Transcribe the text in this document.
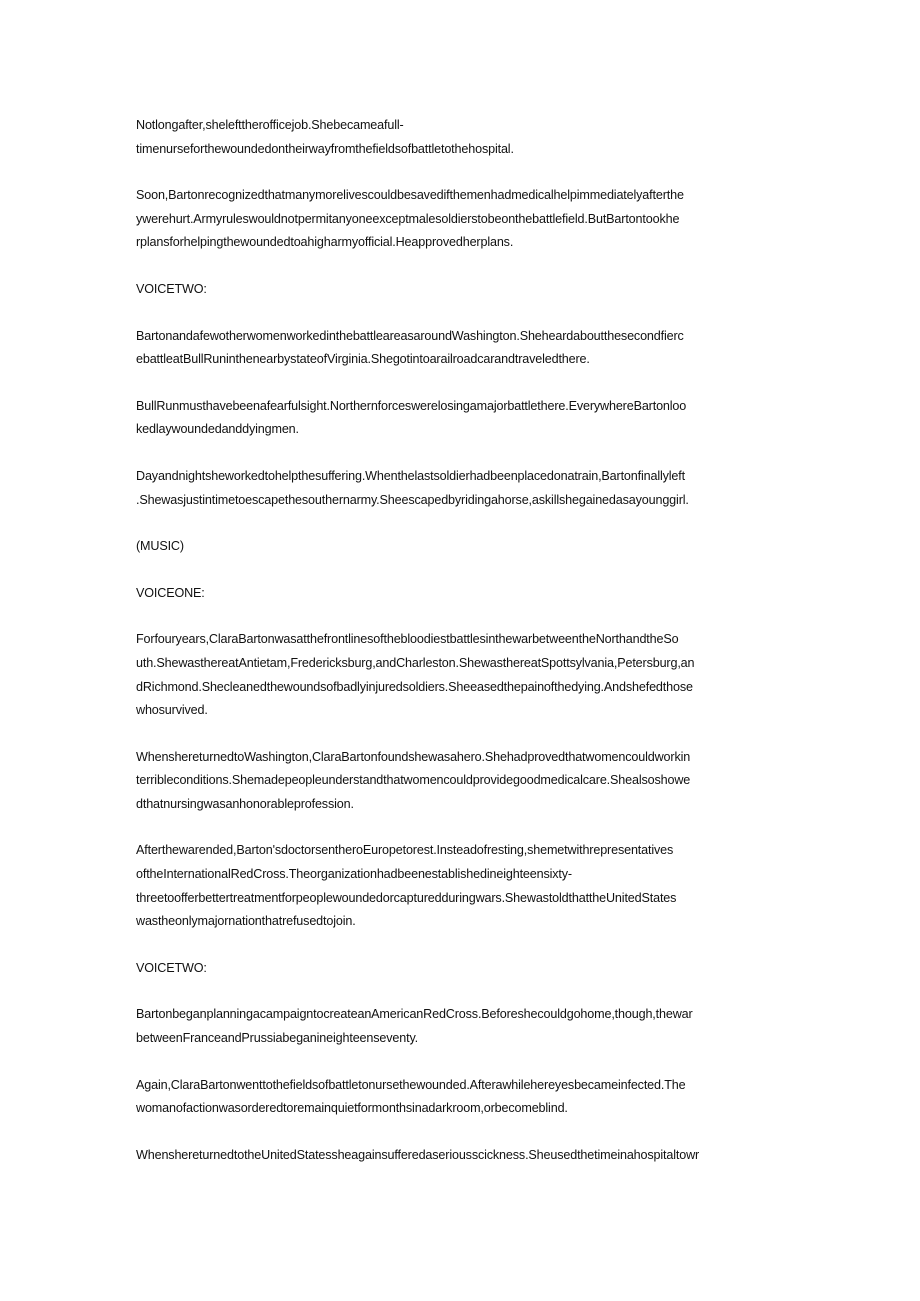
Notlongafter,shelefttherofficejob.Shebecameafull-
timenurseforthewoundedontheirwayfromthefieldsofbattletothehospital.

Soon,Bartonrecognizedthatmanymorelivescouldbesavedifthemenhadmedicalhelpimmediatelyafterthe
ywerehurt.Armyruleswouldnotpermitanyoneexceptmalesoldierstobeonthebattlefield.ButBartontookhe
rplansforhelpingthewoundedtoahigharmyofficial.Heapprovedherplans.

VOICETWO:

BartonandafewotherwomenworkedinthebattleareasaroundWashington.Sheheardaboutthesecondfierc
ebattleatBullRuninthenearbystateofVirginia.Shegotintoarailroadcarandtraveledthere.

BullRunmusthavebeenafearfulsight.Northernforceswerelosingamajorbattlethere.EverywhereBartonloo
kedlaywoundedanddyingmen.

Dayandnightsheworkedtohelpthesuffering.Whenthelastsoldierhadbeenplacedonatrain,Bartonfinallyleft
.Shewasjustintimetoescapethesouthernarmy.Sheescapedbyridingahorse,askillshegainedasayounggirl.

(MUSIC)

VOICEONE:

Forfouryears,ClaraBartonwasatthefrontlinesofthebloodiestbattlesinthewarbetweentheNorthandtheSo
uth.ShewasthereatAntietam,Fredericksburg,andCharleston.ShewasthereatSpottsylvania,Petersburg,an
dRichmond.Shecleanedthewoundsofbadlyinjuredsoldiers.Sheeasedthepainofthedying.Andshefedthose
whosurvived.

WhenshereturnedtoWashington,ClaraBartonfoundshewasahero.Shehadprovedthatwomencouldworkin
terribleconditions.Shemadepeopleunderstandthatwomencouldprovidegoodmedicalcare.Shealsoshowe
dthatnursingwasanhonorableprofession.

Afterthewarended,Barton'sdoctorsentheroEuropetorest.Insteadofresting,shemetwithrepresentatives
oftheInternationalRedCross.Theorganizationhadbeenestablishedineighteensixty-
threetoofferbettertreatmentforpeoplewoundedorcapturedduringwars.ShewastoldthattheUnitedStates
wastheonlymajornationthatrefusedtojoin.

VOICETWO:

BartonbeganplanningacampaigntocreateanAmericanRedCross.Beforeshecouldgohome,though,thewar
betweenFranceandPrussiabeganineighteenseventy.

Again,ClaraBartonwenttothefieldsofbattletonursethewounded.Afterawhilehereyesbecameinfected.The
womanofactionwasorderedtoremainquietformonthsinadarkroom,orbecomeblind.

WhenshereturnedtotheUnitedStatessheagainsufferedaseriousscickness.Sheusedthetimeinahospitaltowr
